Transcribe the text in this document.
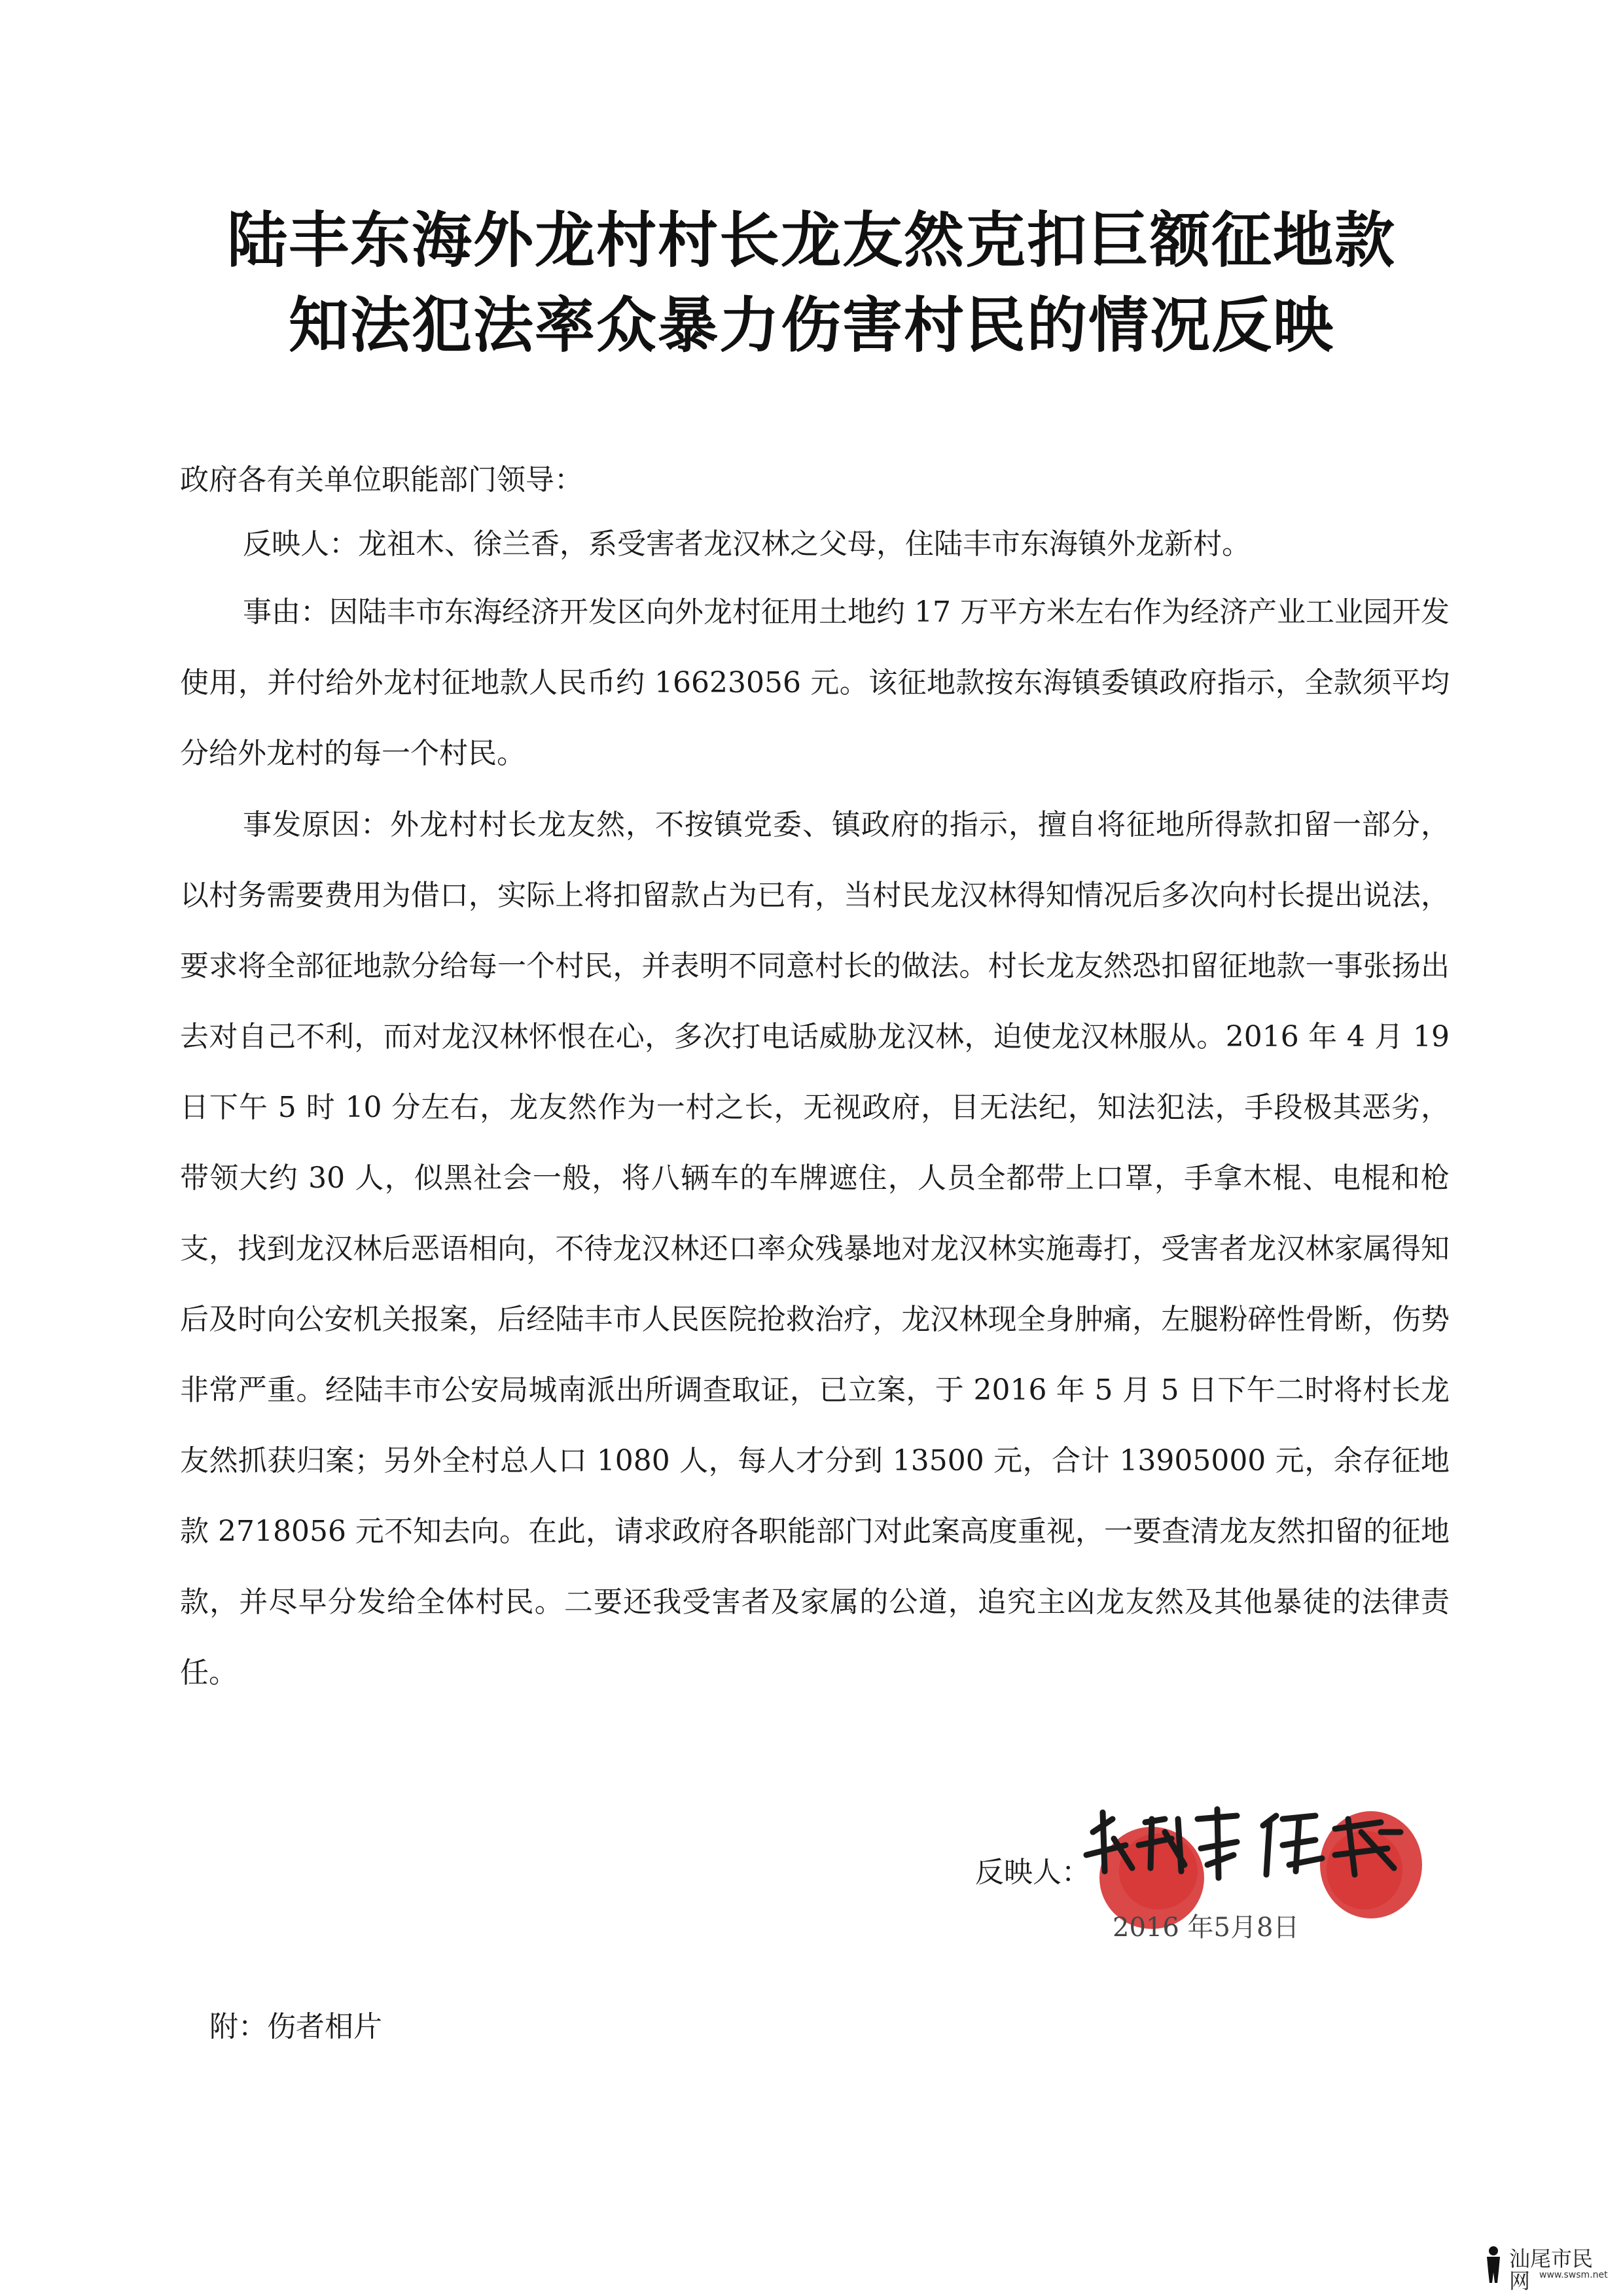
陆丰东海外龙村村长龙友然克扣巨额征地款
知法犯法率众暴力伤害村民的情况反映
政府各有关单位职能部门领导：
反映人：龙祖木、徐兰香，系受害者龙汉林之父母，住陆丰市东海镇外龙新村。
事由：因陆丰市东海经济开发区向外龙村征用土地约 17 万平方米左右作为经济产业工业园开发使用，并付给外龙村征地款人民币约 16623056 元。该征地款按东海镇委镇政府指示，全款须平均分给外龙村的每一个村民。
事发原因：外龙村村长龙友然，不按镇党委、镇政府的指示，擅自将征地所得款扣留一部分，以村务需要费用为借口，实际上将扣留款占为已有，当村民龙汉林得知情况后多次向村长提出说法，要求将全部征地款分给每一个村民，并表明不同意村长的做法。村长龙友然恐扣留征地款一事张扬出去对自己不利，而对龙汉林怀恨在心，多次打电话威胁龙汉林，迫使龙汉林服从。2016 年 4 月 19 日下午 5 时 10 分左右，龙友然作为一村之长，无视政府，目无法纪，知法犯法，手段极其恶劣，带领大约 30 人，似黑社会一般，将八辆车的车牌遮住，人员全都带上口罩，手拿木棍、电棍和枪支，找到龙汉林后恶语相向，不待龙汉林还口率众残暴地对龙汉林实施毒打，受害者龙汉林家属得知后及时向公安机关报案，后经陆丰市人民医院抢救治疗，龙汉林现全身肿痛，左腿粉碎性骨断，伤势非常严重。经陆丰市公安局城南派出所调查取证，已立案，于 2016 年 5 月 5 日下午二时将村长龙友然抓获归案；另外全村总人口 1080 人，每人才分到 13500 元，合计 13905000 元，余存征地款 2718056 元不知去向。在此，请求政府各职能部门对此案高度重视，一要查清龙友然扣留的征地款，并尽早分发给全体村民。二要还我受害者及家属的公道，追究主凶龙友然及其他暴徒的法律责任。
反映人：
2016 年5月8日
附：伤者相片
汕尾市民网 www.swsm.net
